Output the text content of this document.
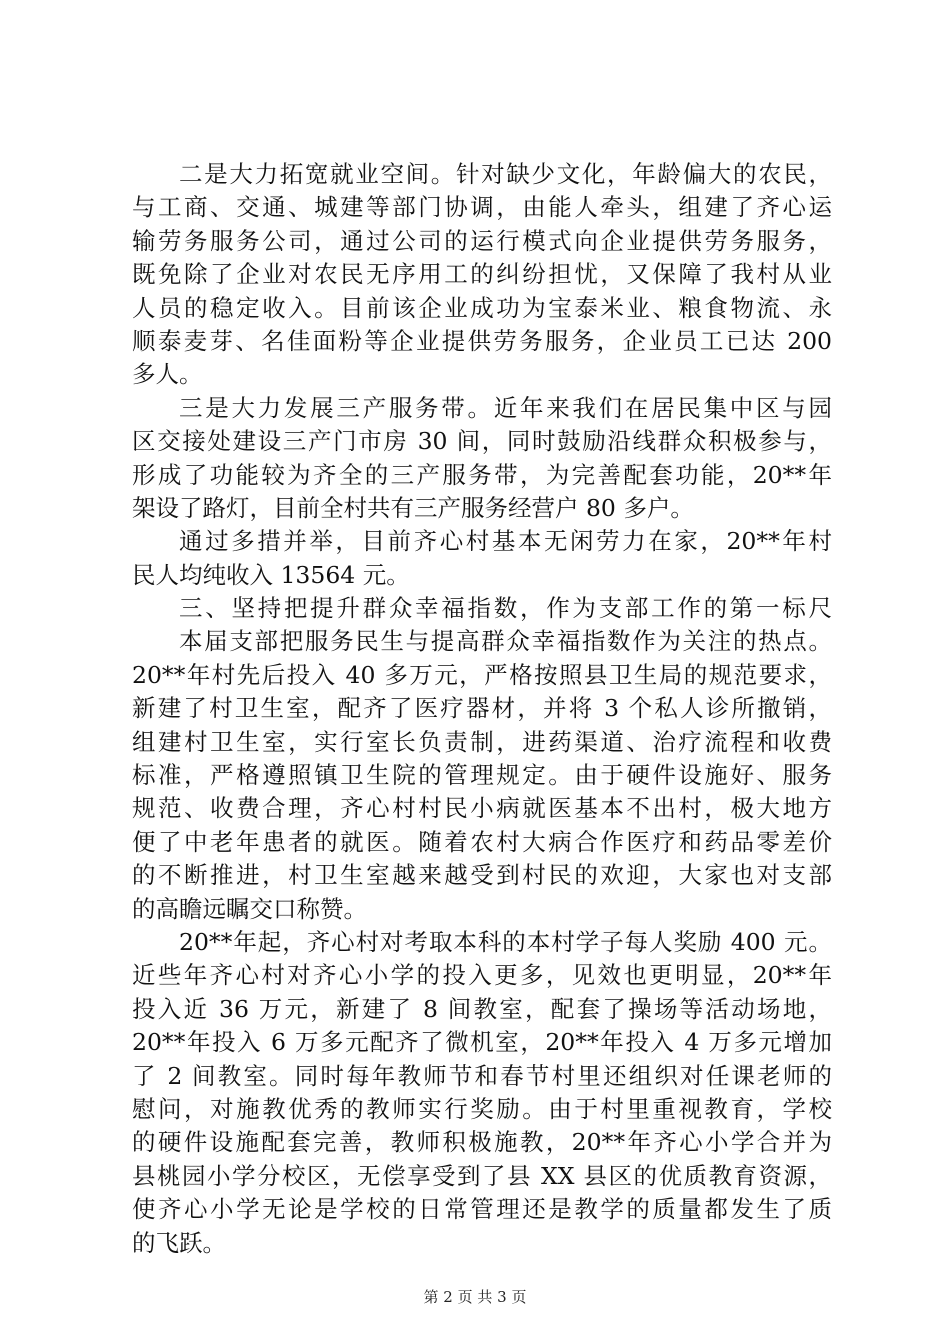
二是大力拓宽就业空间。针对缺少文化，年龄偏大的农民，
与工商、交通、城建等部门协调，由能人牵头，组建了齐心运
输劳务服务公司，通过公司的运行模式向企业提供劳务服务，
既免除了企业对农民无序用工的纠纷担忧，又保障了我村从业
人员的稳定收入。目前该企业成功为宝泰米业、粮食物流、永
顺泰麦芽、名佳面粉等企业提供劳务服务，企业员工已达 200
多人。
三是大力发展三产服务带。近年来我们在居民集中区与园
区交接处建设三产门市房 30 间，同时鼓励沿线群众积极参与，
形成了功能较为齐全的三产服务带，为完善配套功能，20**年
架设了路灯，目前全村共有三产服务经营户 80 多户。
通过多措并举，目前齐心村基本无闲劳力在家，20**年村
民人均纯收入 13564 元。
三、坚持把提升群众幸福指数，作为支部工作的第一标尺
本届支部把服务民生与提高群众幸福指数作为关注的热点。
20**年村先后投入 40 多万元，严格按照县卫生局的规范要求，
新建了村卫生室，配齐了医疗器材，并将 3 个私人诊所撤销，
组建村卫生室，实行室长负责制，进药渠道、治疗流程和收费
标准，严格遵照镇卫生院的管理规定。由于硬件设施好、服务
规范、收费合理，齐心村村民小病就医基本不出村，极大地方
便了中老年患者的就医。随着农村大病合作医疗和药品零差价
的不断推进，村卫生室越来越受到村民的欢迎，大家也对支部
的高瞻远瞩交口称赞。
20**年起，齐心村对考取本科的本村学子每人奖励 400 元。
近些年齐心村对齐心小学的投入更多，见效也更明显，20**年
投入近 36 万元，新建了 8 间教室，配套了操场等活动场地，
20**年投入 6 万多元配齐了微机室，20**年投入 4 万多元增加
了 2 间教室。同时每年教师节和春节村里还组织对任课老师的
慰问，对施教优秀的教师实行奖励。由于村里重视教育，学校
的硬件设施配套完善，教师积极施教，20**年齐心小学合并为
县桃园小学分校区，无偿享受到了县 XX 县区的优质教育资源，
使齐心小学无论是学校的日常管理还是教学的质量都发生了质
的飞跃。
第 2 页 共 3 页
